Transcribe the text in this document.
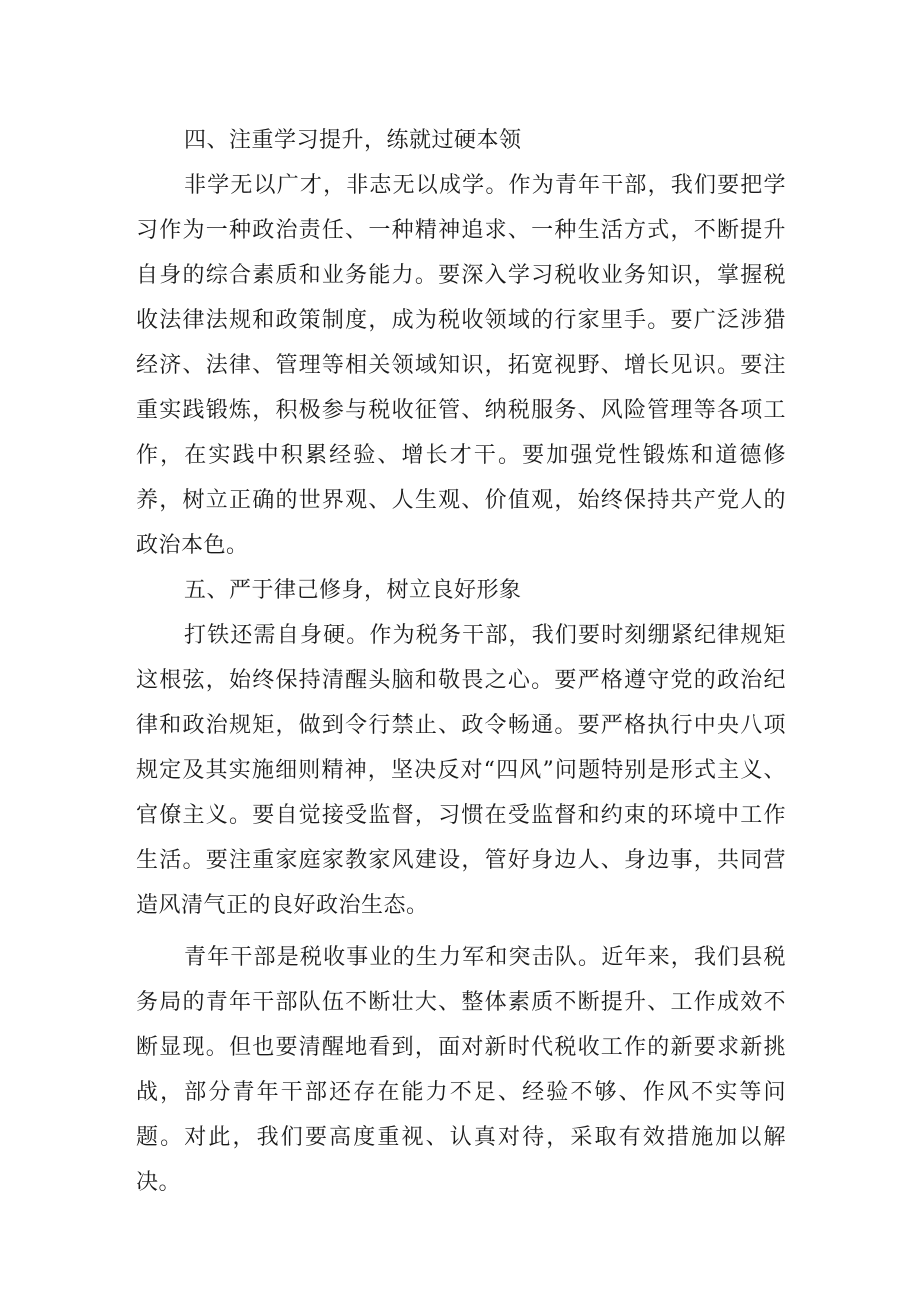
四、注重学习提升，练就过硬本领

非学无以广才，非志无以成学。作为青年干部，我们要把学习作为一种政治责任、一种精神追求、一种生活方式，不断提升自身的综合素质和业务能力。要深入学习税收业务知识，掌握税收法律法规和政策制度，成为税收领域的行家里手。要广泛涉猎经济、法律、管理等相关领域知识，拓宽视野、增长见识。要注重实践锻炼，积极参与税收征管、纳税服务、风险管理等各项工作，在实践中积累经验、增长才干。要加强党性锻炼和道德修养，树立正确的世界观、人生观、价值观，始终保持共产党人的政治本色。

五、严于律己修身，树立良好形象

打铁还需自身硬。作为税务干部，我们要时刻绷紧纪律规矩这根弦，始终保持清醒头脑和敬畏之心。要严格遵守党的政治纪律和政治规矩，做到令行禁止、政令畅通。要严格执行中央八项规定及其实施细则精神，坚决反对“四风”问题特别是形式主义、官僚主义。要自觉接受监督，习惯在受监督和约束的环境中工作生活。要注重家庭家教家风建设，管好身边人、身边事，共同营造风清气正的良好政治生态。

青年干部是税收事业的生力军和突击队。近年来，我们县税务局的青年干部队伍不断壮大、整体素质不断提升、工作成效不断显现。但也要清醒地看到，面对新时代税收工作的新要求新挑战，部分青年干部还存在能力不足、经验不够、作风不实等问题。对此，我们要高度重视、认真对待，采取有效措施加以解决。
